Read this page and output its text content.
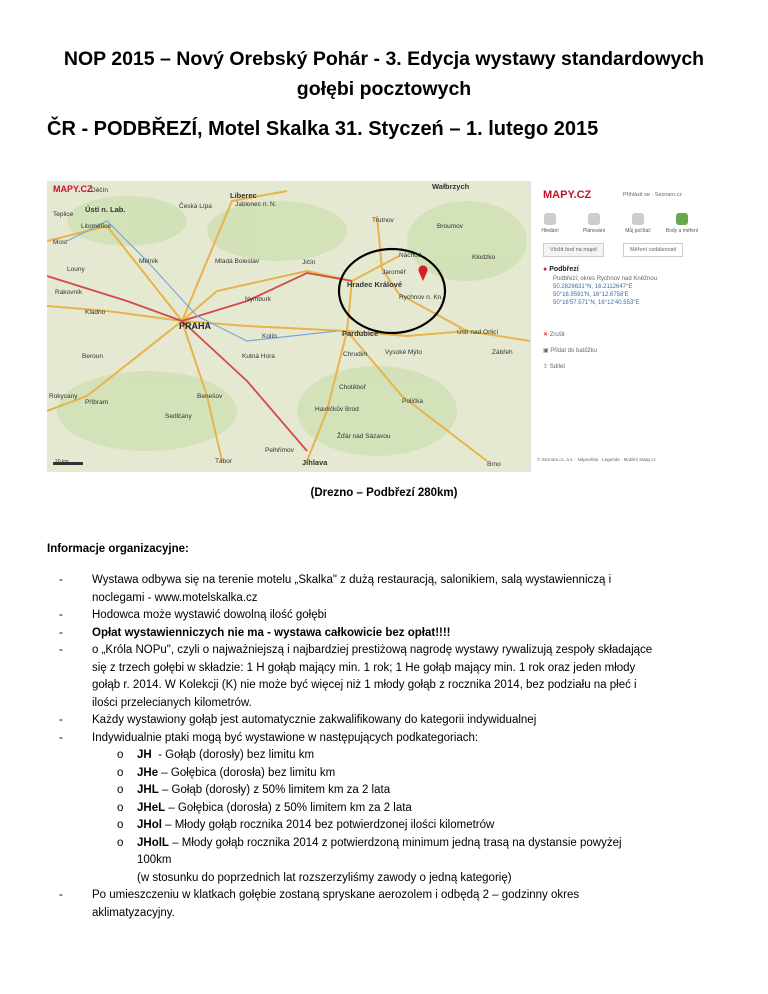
NOP 2015 – Nový Orebský Pohár - 3. Edycja wystawy standardowych gołębi pocztowych
ČR - PODBŘEZÍ, Motel Skalka 31. Styczeń – 1. lutego 2015
MAPY.CZ
20 km
Děčín
Liberec
Ústí n. Lab.	Česká Lípa	Jablonec n. N.
Wałbrzych
Teplice
Litoměřice
Trutnov
Broumov
Most
Mělník	Mladá Boleslav	Jičín
Náchod	Kłodzko
Louny	Jaroměř
Hradec Králové
Rychnov n. Kn.
Rakovník
Kladno
Nymburk
PRAHA
Pardubice
Kolín
Beroun	Kutná Hora	Chrudim	Vysoké Mýto
Ústí nad Orlicí
Zábřeh
Rokycany
Příbram
Benešov
Chotěboř
Havlíčkův Brod
Polička
Sedlčany
Žďár nad Sázavou
Pelhřimov
Jihlava
Tábor	Brno
MAPY.CZ	Přihlásit se · Seznam.cz
Hledání	Plánování	Můj počítač	Body a měření
Vložit bod na mapě	Měření vzdáleností
● Podbřezí
Podbřezí, okres Rychnov nad Kněžnou
50.2826631°N, 16.2112647°E
50°16.9591'N, 16°12.6758'E
50°16'57.571"N, 16°12'40.553"E
✕ Zrušit
▣ Přidat do batůžku
⇪ Sdílet
© Seznam.cz, a.s. · Nápověda · Legenda · Mobilní Mapy.cz
(Drezno – Podbřezí 280km)
Informacje organizacyjne:
-	Wystawa odbywa się na terenie motelu „Skalka" z dużą restauracją, salonikiem, salą wystawienniczą i
noclegami - www.motelskalka.cz
-	Hodowca może wystawić dowolną ilość gołębi
-	Opłat wystawienniczych nie ma - wystawa całkowicie bez opłat!!!!
-	o „Króla NOPu", czyli o najważniejszą i najbardziej prestiżową nagrodę wystawy rywalizują zespoły składające
się z trzech gołębi w składzie: 1 H gołąb mający min. 1 rok; 1 He gołąb mający min. 1 rok oraz jeden młody
gołąb r. 2014. W Kolekcji (K) nie może być więcej niż 1 młody gołąb z rocznika 2014, bez podziału na płeć i
ilości przelecianych kilometrów.
-	Każdy wystawiony gołąb jest automatycznie zakwalifikowany do kategorii indywidualnej
-	Indywidualnie ptaki mogą być wystawione w następujących podkategoriach:
o JH  - Gołąb (dorosły) bez limitu km
o JHe – Gołębica (dorosła) bez limitu km
o JHL – Gołąb (dorosły) z 50% limitem km za 2 lata
o JHeL – Gołębica (dorosła) z 50% limitem km za 2 lata
o JHol – Młody gołąb rocznika 2014 bez potwierdzonej ilości kilometrów
o JHolL – Młody gołąb rocznika 2014 z potwierdzoną minimum jedną trasą na dystansie powyżej
100km
(w stosunku do poprzednich lat rozszerzyliśmy zawody o jedną kategorię)
-	Po umieszczeniu w klatkach gołębie zostaną spryskane aerozolem i odbędą 2 – godzinny okres
aklimatyzacyjny.
